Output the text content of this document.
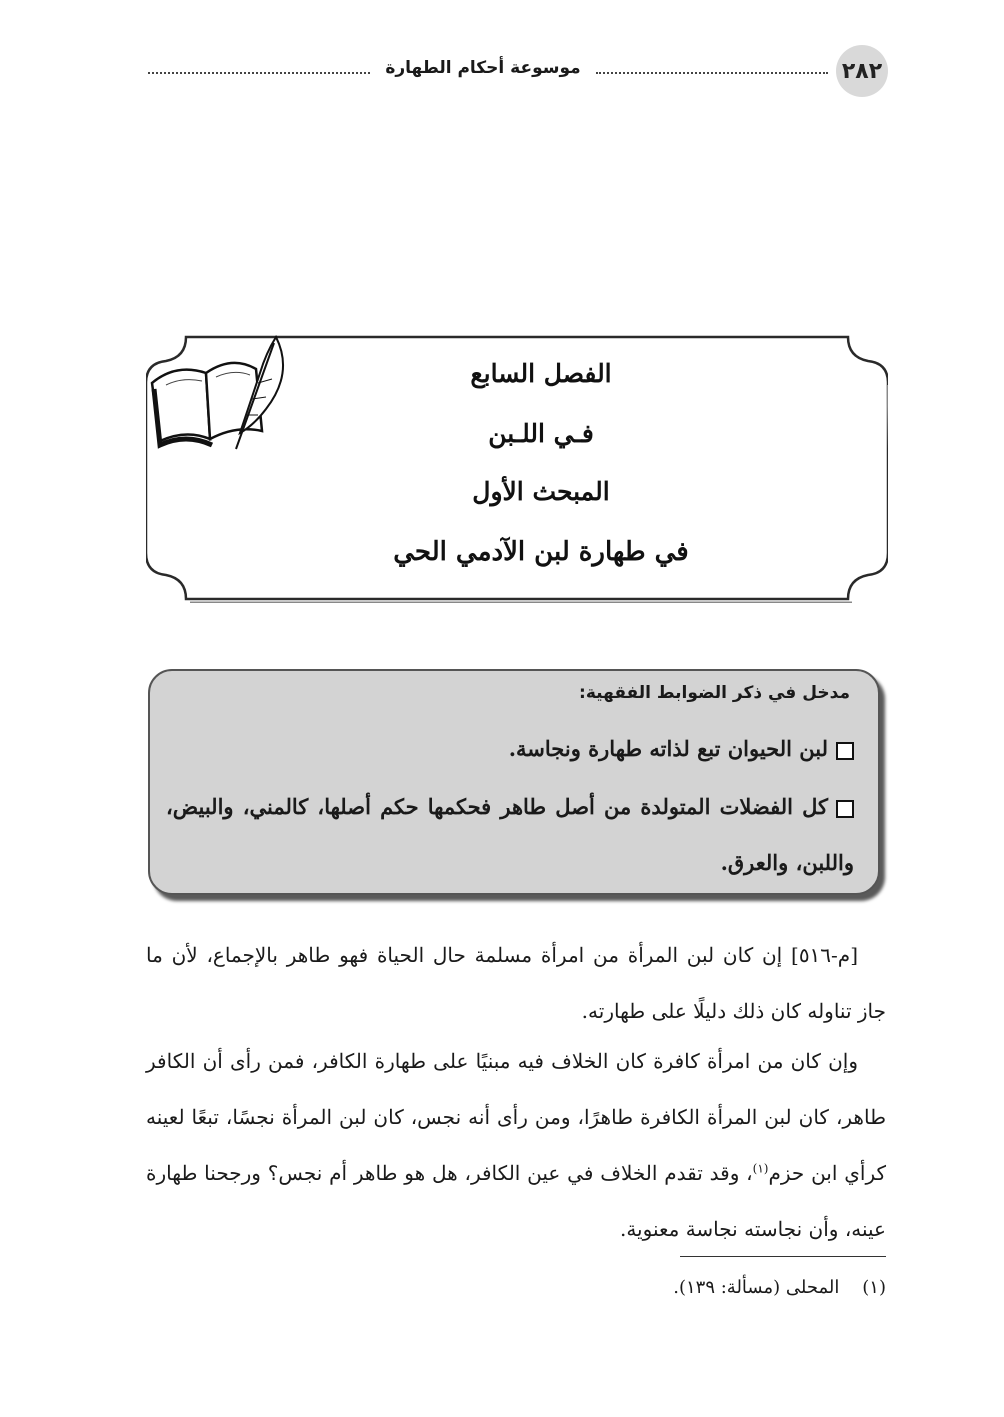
٢٨٢
موسوعة أحكام الطهارة
الفصل السابع
فـي اللـبن
المبحث الأول
في طهارة لبن الآدمي الحي
مدخل في ذكر الضوابط الفقهية:
لبن الحيوان تبع لذاته طهارة ونجاسة.
كل الفضلات المتولدة من أصل طاهر فحكمها حكم أصلها، كالمني، والبيض، واللبن، والعرق.
[م-٥١٦] إن كان لبن المرأة من امرأة مسلمة حال الحياة فهو طاهر بالإجماع، لأن ما جاز تناوله كان ذلك دليلًا على طهارته.
وإن كان من امرأة كافرة كان الخلاف فيه مبنيًا على طهارة الكافر، فمن رأى أن الكافر طاهر، كان لبن المرأة الكافرة طاهرًا، ومن رأى أنه نجس، كان لبن المرأة نجسًا، تبعًا لعينه كرأي ابن حزم$^{(١)}$، وقد تقدم الخلاف في عين الكافر، هل هو طاهر أم نجس؟ ورجحنا طهارة عينه، وأن نجاسته نجاسة معنوية.
(١)    المحلى (مسألة: ١٣٩).
